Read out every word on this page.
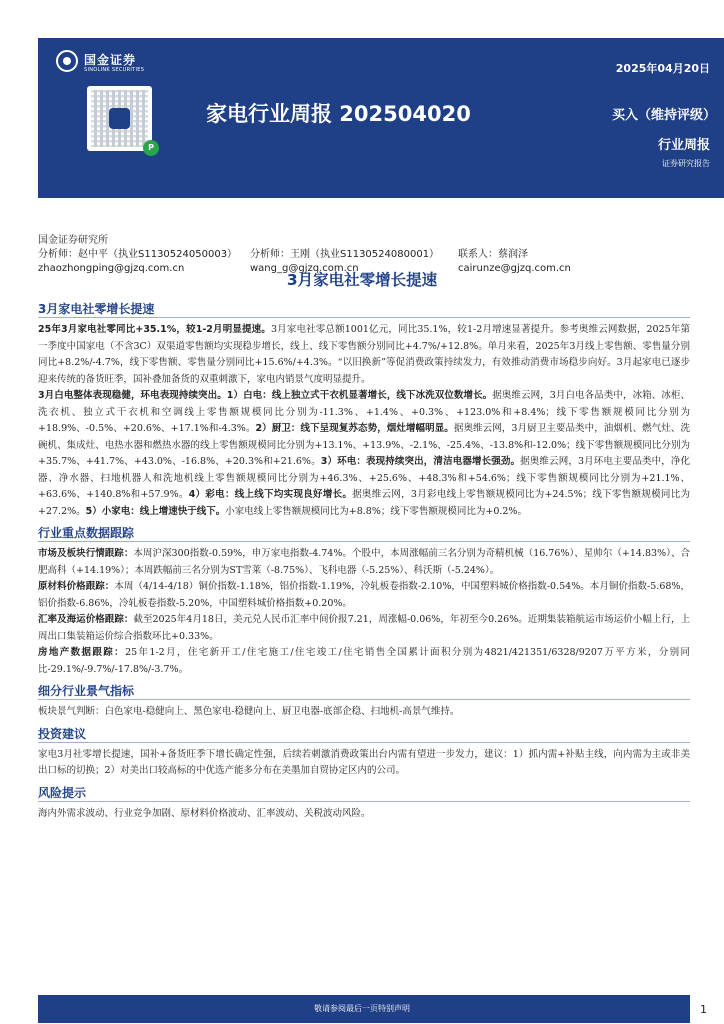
国金证券
SINOLINK SECURITIES
P
2025年04月20日
家电行业周报 202504020	买入（维持评级）
行业周报
证券研究报告
国金证券研究所
分析师：赵中平（执业S1130524050003） 分析师：王刚（执业S1130524080001） 联系人：蔡润泽
zhaozhongping@gjzq.com.cn	wang_g@gjzq.com.cn	cairunze@gjzq.com.cn
3月家电社零增长提速
3月家电社零增长提速

25年3月家电社零同比+35.1%，较1-2月明显提速。3月家电社零总额1001亿元，同比35.1%，较1-2月增速显著提升。参考奥维云网数据，2025年第一季度中国家电（不含3C）双渠道零售额均实现稳步增长，线上、线下零售额分别同比+4.7%/+12.8%。单月来看，2025年3月线上零售额、零售量分别同比+8.2%/-4.7%，线下零售额、零售量分别同比+15.6%/+4.3%。“以旧换新”等促消费政策持续发力，有效推动消费市场稳步向好。3月起家电已逐步迎来传统的备货旺季，国补叠加备货的双重刺激下，家电内销景气度明显提升。

3月白电整体表现稳健，环电表现持续突出。1）白电：线上独立式干衣机显著增长，线下冰洗双位数增长。据奥维云网，3月白电各品类中，冰箱、冰柜、洗衣机、独立式干衣机和空调线上零售额规模同比分别为-11.3%、+1.4%、+0.3%、+123.0%和+8.4%；线下零售额规模同比分别为+18.9%、-0.5%、+20.6%、+17.1%和-4.3%。2）厨卫：线下呈现复苏态势，烟灶增幅明显。据奥维云网，3月厨卫主要品类中，油烟机、燃气灶、洗碗机、集成灶、电热水器和燃热水器的线上零售额规模同比分别为+13.1%、+13.9%、-2.1%、-25.4%、-13.8%和-12.0%；线下零售额规模同比分别为+35.7%、+41.7%、+43.0%、-16.8%、+20.3%和+21.6%。3）环电：表现持续突出，清洁电器增长强劲。据奥维云网，3月环电主要品类中，净化器、净水器、扫地机器人和洗地机线上零售额规模同比分别为+46.3%、+25.6%、+48.3%和+54.6%；线下零售额规模同比分别为+21.1%、+63.6%、+140.8%和+57.9%。4）彩电：线上线下均实现良好增长。据奥维云网，3月彩电线上零售额规模同比为+24.5%；线下零售额规模同比为+27.2%。5）小家电：线上增速快于线下。小家电线上零售额规模同比为+8.8%；线下零售额规模同比为+0.2%。

行业重点数据跟踪

市场及板块行情跟踪：本周沪深300指数-0.59%，申万家电指数-4.74%。个股中，本周涨幅前三名分别为奇精机械（16.76%）、星帅尔（+14.83%）、合肥高科（+14.19%）；本周跌幅前三名分别为ST雪莱（-8.75%）、飞科电器（-5.25%）、科沃斯（-5.24%）。

原材料价格跟踪：本周（4/14-4/18）铜价指数-1.18%，铝价指数-1.19%，冷轧板卷指数-2.10%，中国塑料城价格指数-0.54%。本月铜价指数-5.68%，铝价指数-6.86%，冷轧板卷指数-5.20%，中国塑料城价格指数+0.20%。

汇率及海运价格跟踪：截至2025年4月18日，美元兑人民币汇率中间价报7.21，周涨幅-0.06%，年初至今0.26%。近期集装箱航运市场运价小幅上行，上周出口集装箱运价综合指数环比+0.33%。

房地产数据跟踪：25年1-2月，住宅新开工/住宅施工/住宅竣工/住宅销售全国累计面积分别为4821/421351/6328/9207万平方米，分别同比-29.1%/-9.7%/-17.8%/-3.7%。

细分行业景气指标

板块景气判断：白色家电-稳健向上、黑色家电-稳健向上、厨卫电器-底部企稳、扫地机-高景气维持。

投资建议

家电3月社零增长提速，国补+备货旺季下增长确定性强，后续若刺激消费政策出台内需有望进一步发力，建议：1）抓内需+补贴主线，向内需为主或非美出口标的切换；2）对美出口较高标的中优选产能多分布在美墨加自贸协定区内的公司。

风险提示

海内外需求波动、行业竞争加剧、原材料价格波动、汇率波动、关税波动风险。

敬请参阅最后一页特别声明	1
